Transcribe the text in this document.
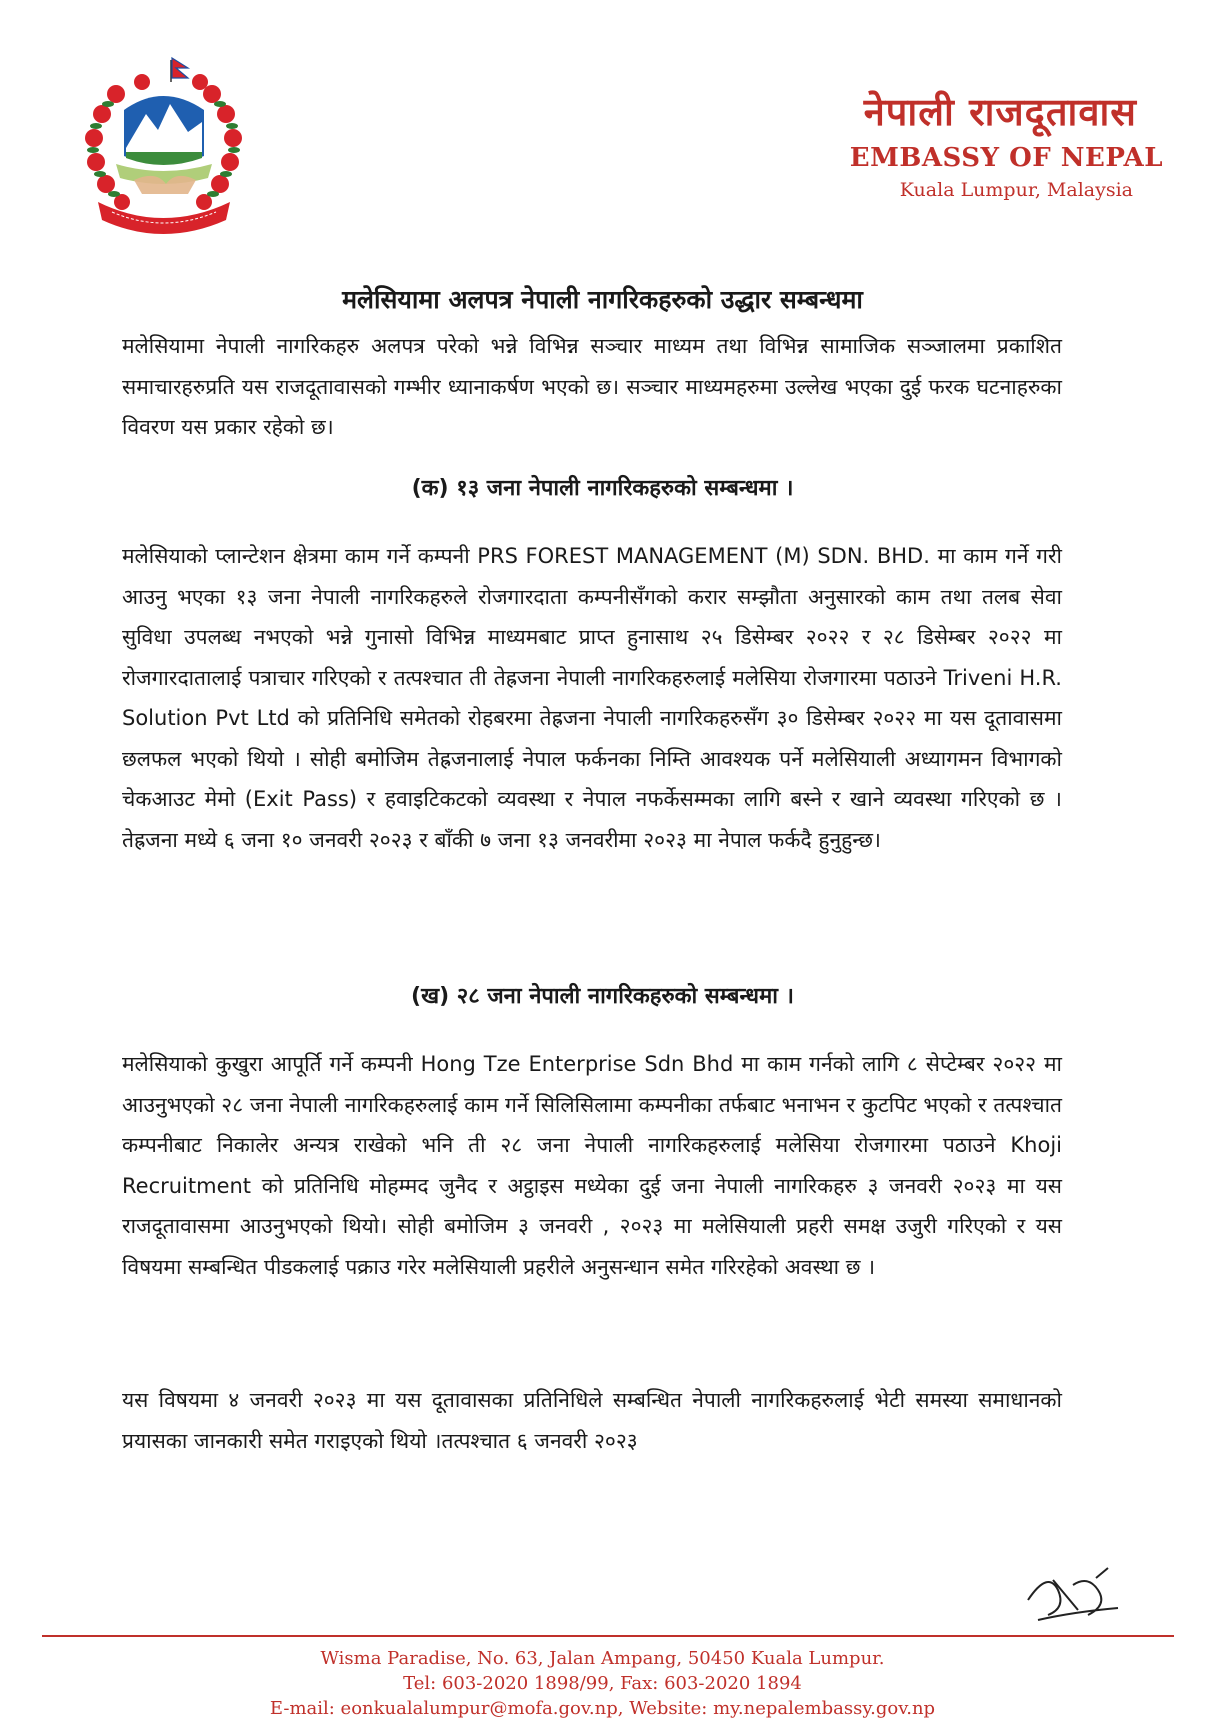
नेपाली राजदूतावास
EMBASSY OF NEPAL
Kuala Lumpur, Malaysia
मलेसियामा अलपत्र नेपाली नागरिकहरुको उद्धार सम्बन्धमा

मलेसियामा नेपाली नागरिकहरु अलपत्र परेको भन्ने विभिन्न सञ्चार माध्यम तथा विभिन्न सामाजिक सञ्जालमा प्रकाशित समाचारहरुप्रति यस राजदूतावासको गम्भीर ध्यानाकर्षण भएको छ। सञ्चार माध्यमहरुमा उल्लेख भएका दुई फरक घटनाहरुका विवरण यस प्रकार रहेको छ।

(क) १३ जना नेपाली नागरिकहरुको सम्बन्धमा ।

मलेसियाको प्लान्टेशन क्षेत्रमा काम गर्ने कम्पनी PRS FOREST MANAGEMENT (M) SDN. BHD. मा काम गर्ने गरी आउनु भएका १३ जना नेपाली नागरिकहरुले रोजगारदाता कम्पनीसँगको करार सम्झौता अनुसारको काम तथा तलब सेवा सुविधा उपलब्ध नभएको भन्ने गुनासो विभिन्न माध्यमबाट प्राप्त हुनासाथ २५ डिसेम्बर २०२२ र २८ डिसेम्बर २०२२ मा रोजगारदातालाई पत्राचार गरिएको र तत्पश्चात ती तेह्रजना नेपाली नागरिकहरुलाई मलेसिया रोजगारमा पठाउने Triveni H.R. Solution Pvt Ltd को प्रतिनिधि समेतको रोहबरमा तेह्रजना नेपाली नागरिकहरुसँग ३० डिसेम्बर २०२२ मा यस दूतावासमा छलफल भएको थियो । सोही बमोजिम तेह्रजनालाई नेपाल फर्कनका निम्ति आवश्यक पर्ने मलेसियाली अध्यागमन विभागको चेकआउट मेमो (Exit Pass) र हवाइटिकटको व्यवस्था र नेपाल नफर्केसम्मका लागि बस्ने र खाने व्यवस्था गरिएको छ । तेह्रजना मध्ये ६ जना १० जनवरी २०२३ र बाँकी ७ जना १३ जनवरीमा २०२३ मा नेपाल फर्कदै हुनुहुन्छ।

(ख) २८ जना नेपाली नागरिकहरुको सम्बन्धमा ।

मलेसियाको कुखुरा आपूर्ति गर्ने कम्पनी Hong Tze Enterprise Sdn Bhd मा काम गर्नको लागि ८ सेप्टेम्बर २०२२ मा आउनुभएको २८ जना नेपाली नागरिकहरुलाई काम गर्ने सिलिसिलामा कम्पनीका तर्फबाट भनाभन र कुटपिट भएको र तत्पश्चात कम्पनीबाट निकालेर अन्यत्र राखेको भनि ती २८ जना नेपाली नागरिकहरुलाई मलेसिया रोजगारमा पठाउने Khoji Recruitment को प्रतिनिधि मोहम्मद जुनैद र अट्ठाइस मध्येका दुई जना नेपाली नागरिकहरु ३ जनवरी २०२३ मा यस राजदूतावासमा आउनुभएको थियो। सोही बमोजिम ३ जनवरी , २०२३ मा मलेसियाली प्रहरी समक्ष उजुरी गरिएको र यस विषयमा सम्बन्धित पीडकलाई पक्राउ गरेर मलेसियाली प्रहरीले अनुसन्धान समेत गरिरहेको अवस्था छ ।

यस विषयमा ४ जनवरी २०२३ मा यस दूतावासका प्रतिनिधिले सम्बन्धित नेपाली नागरिकहरुलाई भेटी समस्या समाधानको प्रयासका जानकारी समेत गराइएको थियो ।तत्पश्चात ६ जनवरी २०२३

Wisma Paradise, No. 63, Jalan Ampang, 50450 Kuala Lumpur.
Tel: 603-2020 1898/99, Fax: 603-2020 1894
E-mail: eonkualalumpur@mofa.gov.np, Website: my.nepalembassy.gov.np
